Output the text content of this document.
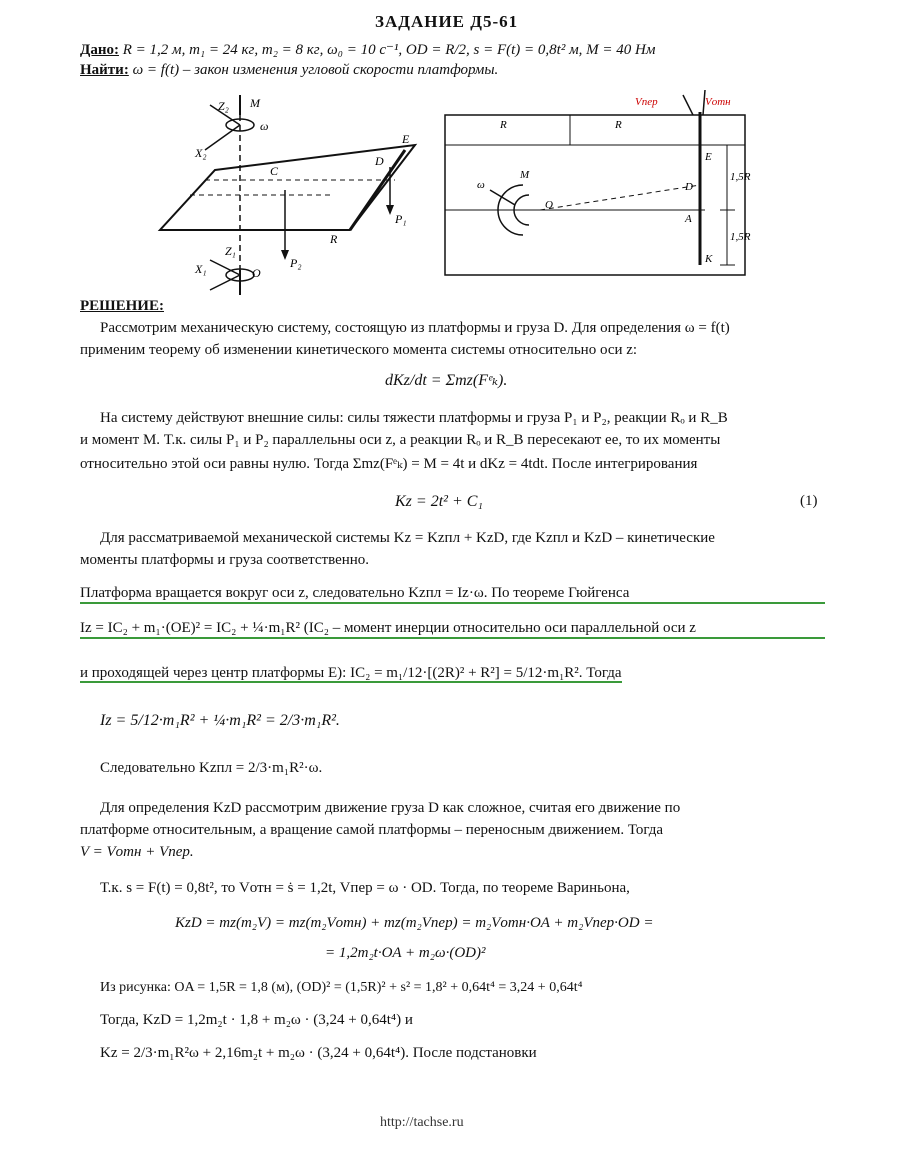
ЗАДАНИЕ Д5-61
Дано: R = 1,2 м, m₁ = 24 кг, m₂ = 8 кг, ω₀ = 10 с⁻¹, OD = R/2, s = F(t) = 0,8t² м, M = 40 Нм
Найти: ω = f(t) – закон изменения угловой скорости платформы.
Z₂ M
ω
X₂
C
D
E
R
P₁
P₂
Z₁
X₁	O
R	R
Vпер	Vотн
E
D
ω
M
O
1,5R
1,5R
K
A
РЕШЕНИЕ:
Рассмотрим механическую систему, состоящую из платформы и груза D. Для определения ω = f(t)
применим теорему об изменении кинетического момента системы относительно оси z:
dKz/dt = Σmz(Fᵉₖ).
На систему действуют внешние силы: силы тяжести платформы и груза P₁ и P₂, реакции Rₒ и R_B
и момент M. Т.к. силы P₁ и P₂ параллельны оси z, а реакции Rₒ и R_B пересекают ее, то их моменты
относительно этой оси равны нулю. Тогда Σmz(Fᵉₖ) = M = 4t и dKz = 4tdt. После интегрирования
Kz = 2t² + C₁	(1)
Для рассматриваемой механической системы Kz = Kzпл + KzD, где Kzпл и KzD – кинетические
моменты платформы и груза соответственно.
Платформа вращается вокруг оси z, следовательно Kzпл = Iz·ω. По теореме Гюйгенса
Iz = IC₂ + m₁·(OE)² = IC₂ + ¼·m₁R² (IC₂ – момент инерции относительно оси параллельной оси z
и проходящей через центр платформы E): IC₂ = m₁/12·[(2R)² + R²] = 5/12·m₁R². Тогда
Iz = 5/12·m₁R² + ¼·m₁R² = 2/3·m₁R².
Следовательно Kzпл = 2/3·m₁R²·ω.
Для определения KzD рассмотрим движение груза D как сложное, считая его движение по
платформе относительным, а вращение самой платформы – переносным движением. Тогда
V = Vотн + Vпер.
Т.к. s = F(t) = 0,8t², то Vотн = ṡ = 1,2t, Vпер = ω · OD. Тогда, по теореме Вариньона,
KzD = mz(m₂V) = mz(m₂Vотн) + mz(m₂Vпер) = m₂Vотн·OA + m₂Vпер·OD =
= 1,2m₂t·OA + m₂ω·(OD)²
Из рисунка: OA = 1,5R = 1,8 (м), (OD)² = (1,5R)² + s² = 1,8² + 0,64t⁴ = 3,24 + 0,64t⁴
Тогда, KzD = 1,2m₂t · 1,8 + m₂ω · (3,24 + 0,64t⁴) и
Kz = 2/3·m₁R²ω + 2,16m₂t + m₂ω · (3,24 + 0,64t⁴). После подстановки
http://tachse.ru
